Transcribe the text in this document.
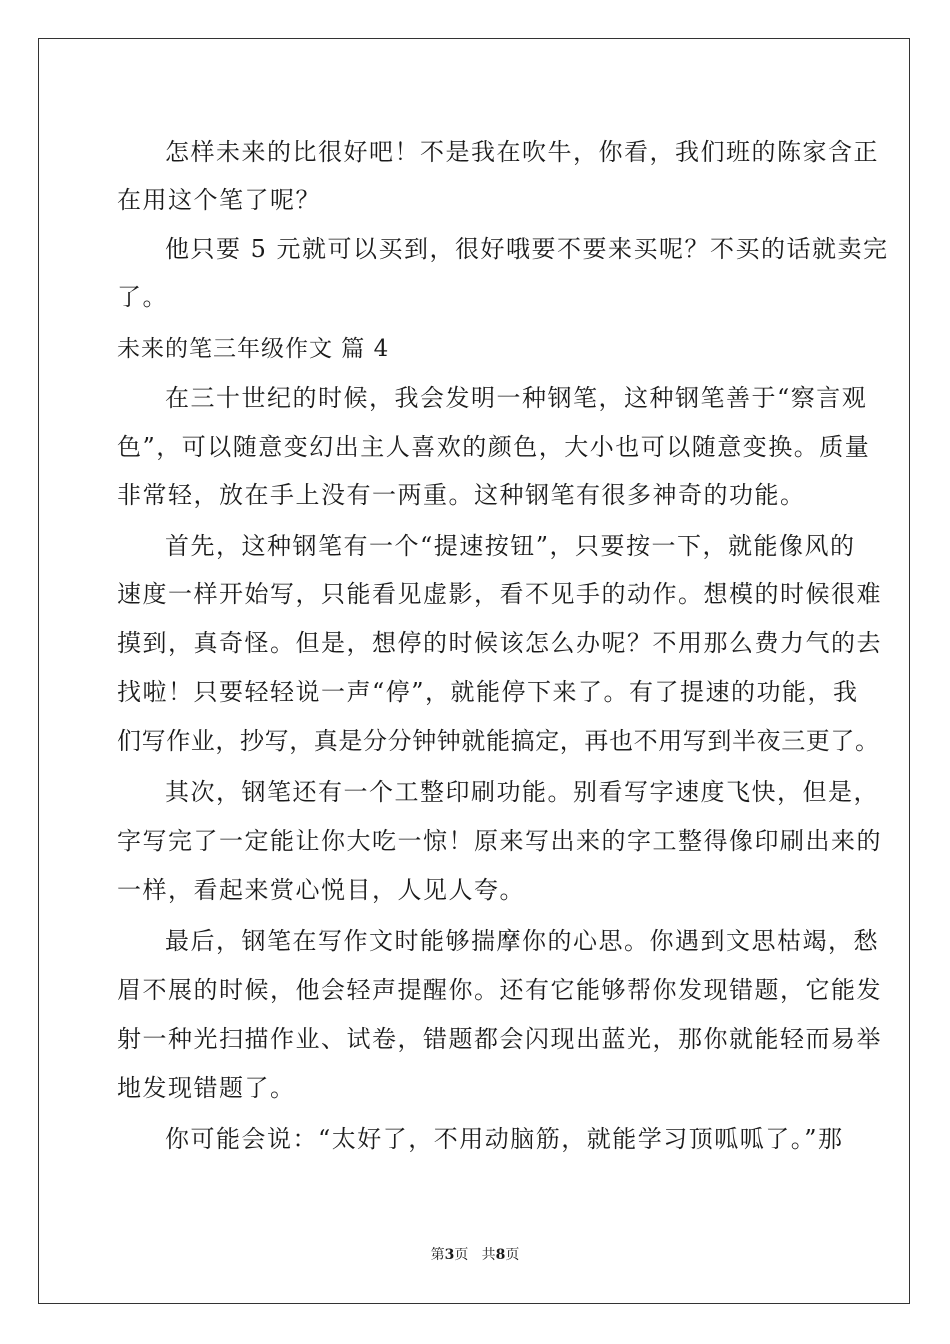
怎样未来的比很好吧！不是我在吹牛，你看，我们班的陈家含正
在用这个笔了呢？
他只要 5 元就可以买到，很好哦要不要来买呢？不买的话就卖完
了。
未来的笔三年级作文 篇 4
在三十世纪的时候，我会发明一种钢笔，这种钢笔善于“察言观
色”，可以随意变幻出主人喜欢的颜色，大小也可以随意变换。质量
非常轻，放在手上没有一两重。这种钢笔有很多神奇的功能。
首先，这种钢笔有一个“提速按钮”，只要按一下，就能像风的
速度一样开始写，只能看见虚影，看不见手的动作。想模的时候很难
摸到，真奇怪。但是，想停的时候该怎么办呢？不用那么费力气的去
找啦！只要轻轻说一声“停”，就能停下来了。有了提速的功能，我
们写作业，抄写，真是分分钟钟就能搞定，再也不用写到半夜三更了。
其次，钢笔还有一个工整印刷功能。别看写字速度飞快，但是，
字写完了一定能让你大吃一惊！原来写出来的字工整得像印刷出来的
一样，看起来赏心悦目，人见人夸。
最后，钢笔在写作文时能够揣摩你的心思。你遇到文思枯竭，愁
眉不展的时候，他会轻声提醒你。还有它能够帮你发现错题，它能发
射一种光扫描作业、试卷，错题都会闪现出蓝光，那你就能轻而易举
地发现错题了。
你可能会说：“太好了，不用动脑筋，就能学习顶呱呱了。”那
第3页   共8页
